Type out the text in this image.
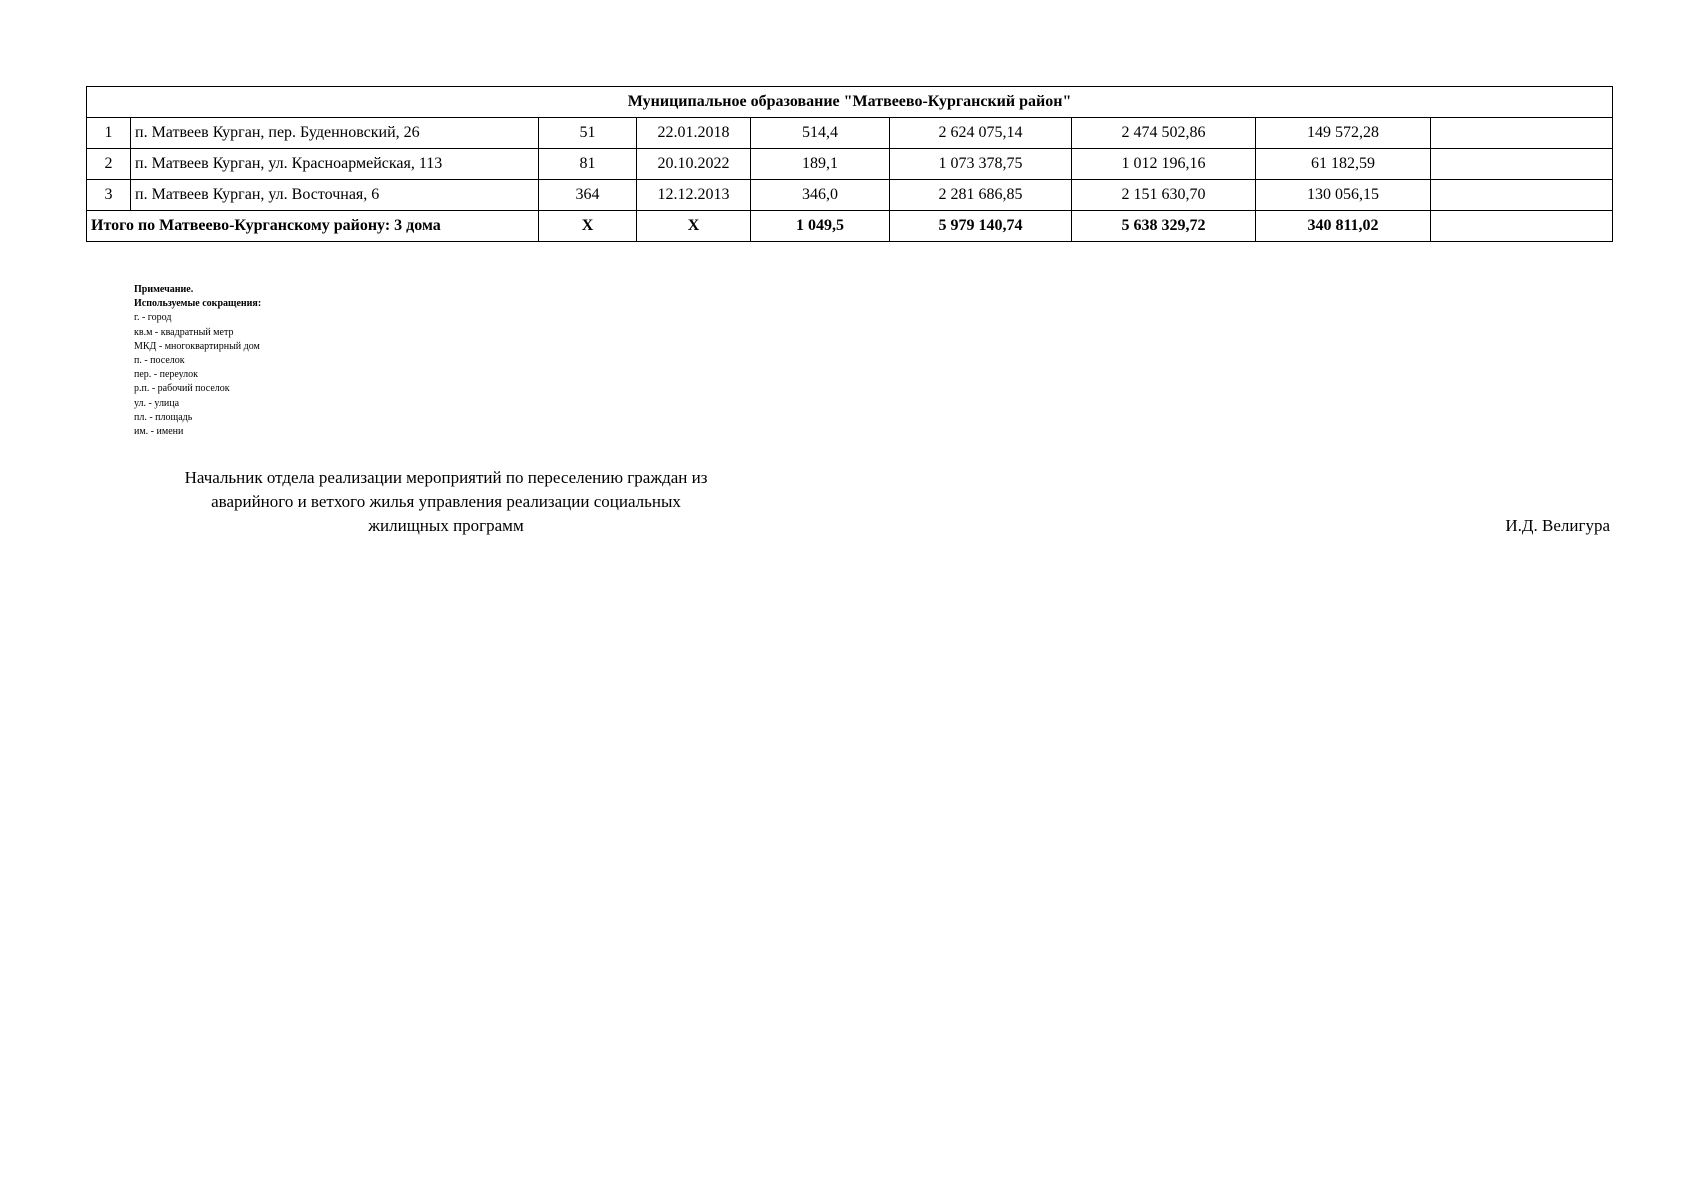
Муниципальное образование "Матвеево-Курганский район"								
1	п. Матвеев Курган, пер. Буденновский, 26	51	22.01.2018	514,4	2 624 075,14	2 474 502,86	149 572,28	
2	п. Матвеев Курган, ул. Красноармейская, 113	81	20.10.2022	189,1	1 073 378,75	1 012 196,16	61 182,59	
3	п. Матвеев Курган, ул. Восточная, 6	364	12.12.2013	346,0	2 281 686,85	2 151 630,70	130 056,15	
Итого по Матвеево-Курганскому району: 3 дома		Х	Х	1 049,5	5 979 140,74	5 638 329,72	340 811,02	
Примечание.
Используемые сокращения:
г. - город
кв.м - квадратный метр
МКД - многоквартирный дом
п. - поселок
пер. - переулок
р.п. - рабочий поселок
ул. - улица
пл. - площадь
им. - имени
Начальник отдела реализации мероприятий по переселению граждан из
аварийного и ветхого жилья управления реализации социальных
жилищных программ	И.Д. Велигура
